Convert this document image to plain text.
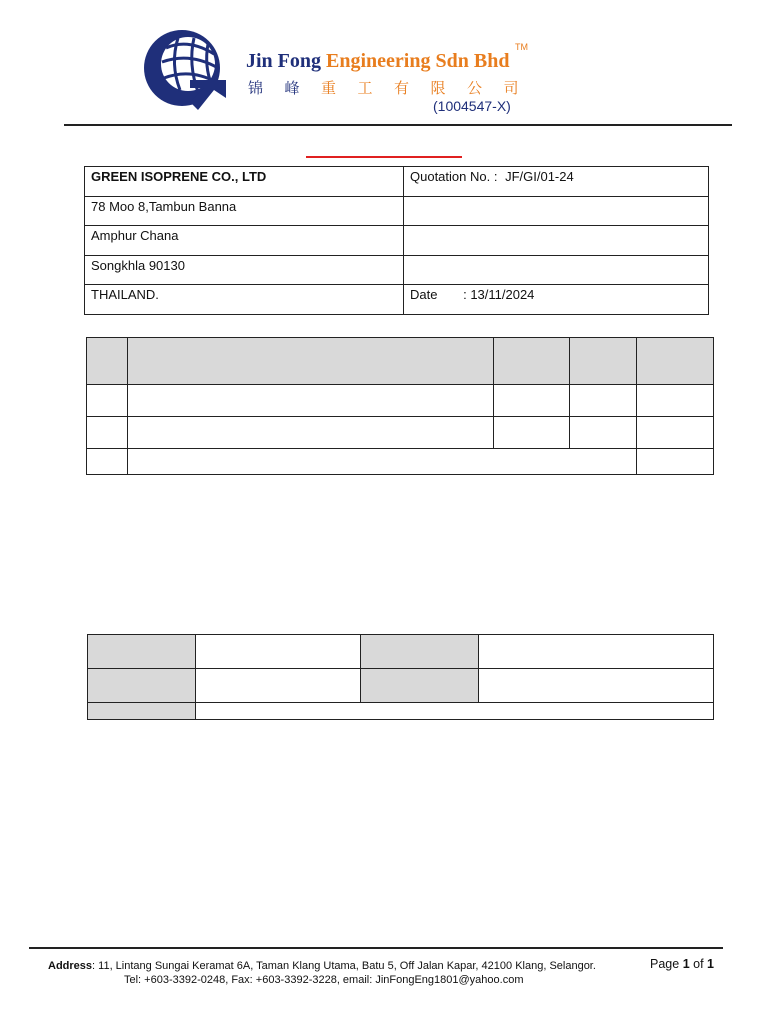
Jin Fong Engineering Sdn Bhd
TM
锦 峰 重 工 有 限 公 司
(1004547-X)
GREEN ISOPRENE CO., LTD	Quotation No. : JF/GI/01-24
78 Moo 8,Tambun Banna	
Amphur Chana	
Songkhla 90130	
THAILAND.	Date : 13/11/2024

Address: 11, Lintang Sungai Keramat 6A, Taman Klang Utama, Batu 5, Off Jalan Kapar, 42100 Klang, Selangor.
Tel: +603-3392-0248, Fax: +603-3392-3228, email: JinFongEng1801@yahoo.com
Page 1 of 1
